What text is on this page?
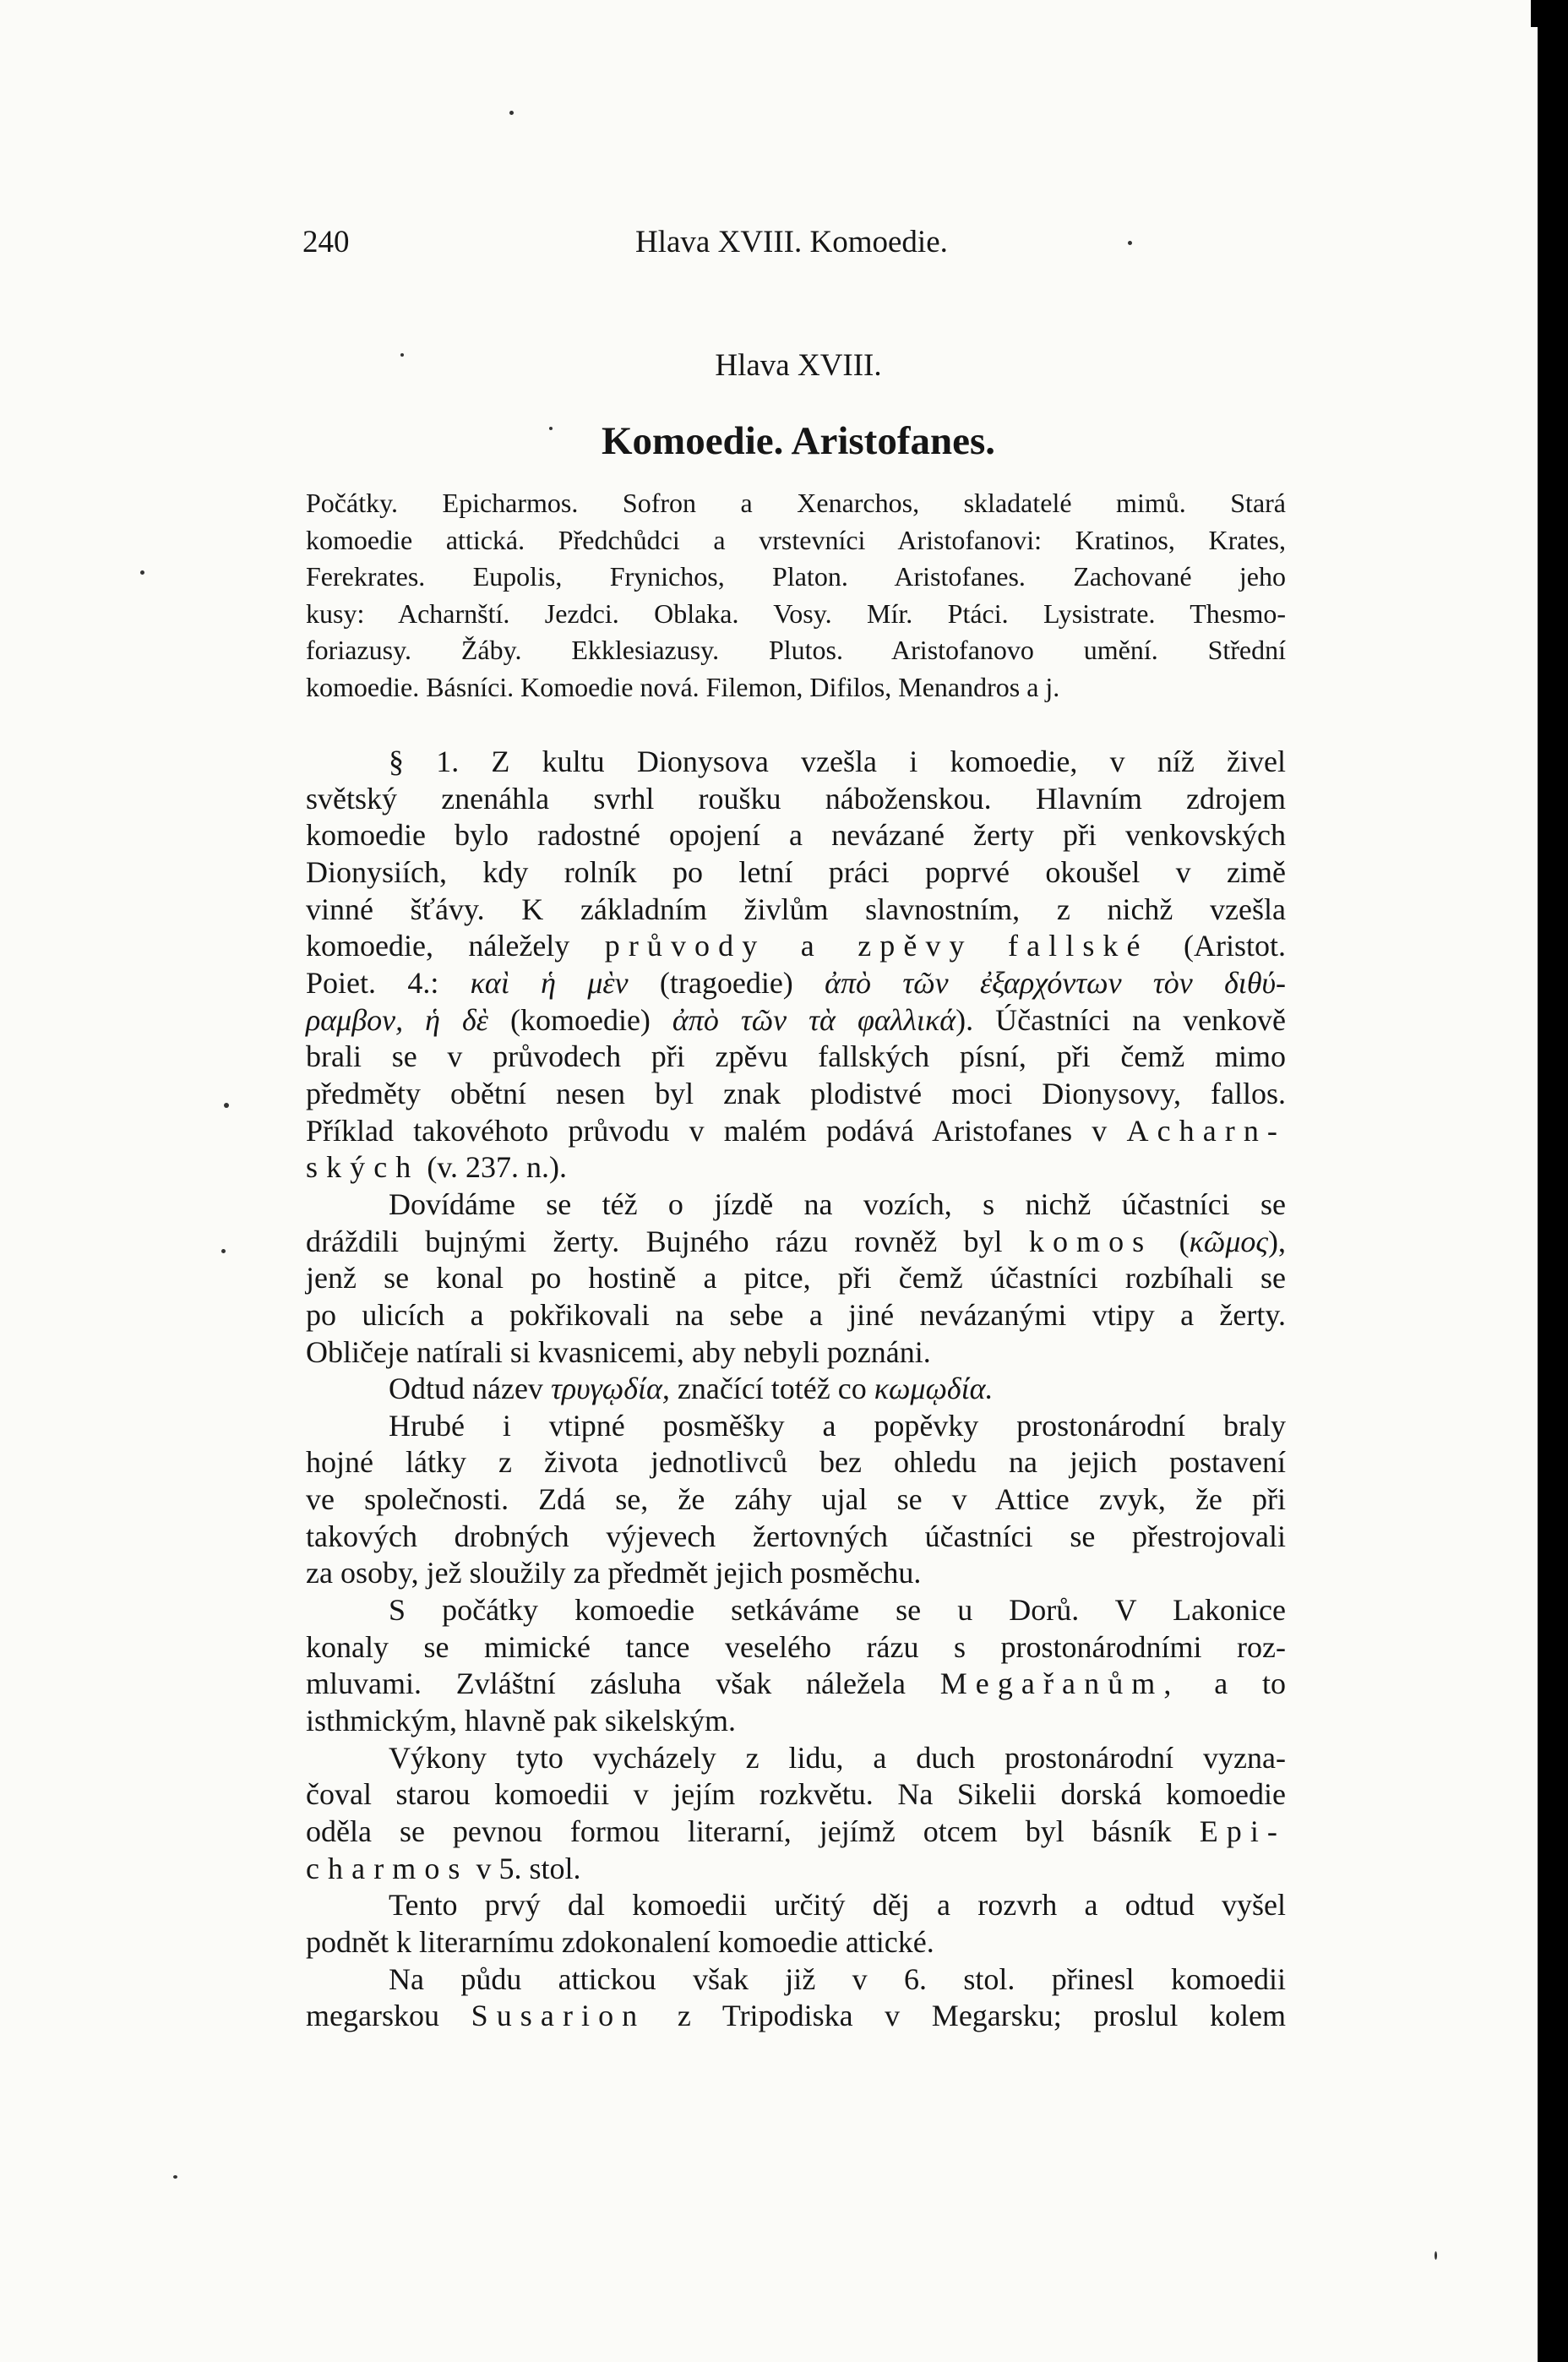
240	Hlava XVIII. Komoedie.
Hlava XVIII.
Komoedie. Aristofanes.
Počátky. Epicharmos. Sofron a Xenarchos, skladatelé mimů. Stará
komoedie attická. Předchůdci a vrstevníci Aristofanovi: Kratinos, Krates,
Ferekrates. Eupolis, Frynichos, Platon. Aristofanes. Zachované jeho
kusy: Acharnští. Jezdci. Oblaka. Vosy. Mír. Ptáci. Lysistrate. Thesmo-
foriazusy. Žáby. Ekklesiazusy. Plutos. Aristofanovo umění. Střední
komoedie. Básníci. Komoedie nová. Filemon, Difilos, Menandros a j.
§ 1. Z kultu Dionysova vzešla i komoedie, v níž živel
světský znenáhla svrhl roušku náboženskou. Hlavním zdrojem
komoedie bylo radostné opojení a nevázané žerty při venkovských
Dionysiích, kdy rolník po letní práci poprvé okoušel v zimě
vinné šťávy. K základním živlům slavnostním, z nichž vzešla
komoedie, náležely průvody a zpěvy fallské (Aristot.
Poiet. 4.: καὶ ἡ μὲν (tragoedie) ἀπὸ τῶν ἐξαρχόντων τὸν διθύ-
ραμβον, ἡ δὲ (komoedie) ἀπὸ τῶν τὰ φαλλικά). Účastníci na venkově
brali se v průvodech při zpěvu fallských písní, při čemž mimo
předměty obětní nesen byl znak plodistvé moci Dionysovy, fallos.
Příklad takovéhoto průvodu v malém podává Aristofanes v Acharn-
ských (v. 237. n.).
Dovídáme se též o jízdě na vozích, s nichž účastníci se
dráždili bujnými žerty. Bujného rázu rovněž byl komos (κῶμος),
jenž se konal po hostině a pitce, při čemž účastníci rozbíhali se
po ulicích a pokřikovali na sebe a jiné nevázanými vtipy a žerty.
Obličeje natírali si kvasnicemi, aby nebyli poznáni.
Odtud název τρυγῳδία, značící totéž co κωμῳδία.
Hrubé i vtipné posměšky a popěvky prostonárodní braly
hojné látky z života jednotlivců bez ohledu na jejich postavení
ve společnosti. Zdá se, že záhy ujal se v Attice zvyk, že při
takových drobných výjevech žertovných účastníci se přestrojovali
za osoby, jež sloužily za předmět jejich posměchu.
S počátky komoedie setkáváme se u Dorů. V Lakonice
konaly se mimické tance veselého rázu s prostonárodními roz-
mluvami. Zvláštní zásluha však náležela Megařanům, a to
isthmickým, hlavně pak sikelským.
Výkony tyto vycházely z lidu, a duch prostonárodní vyzna-
čoval starou komoedii v jejím rozkvětu. Na Sikelii dorská komoedie
oděla se pevnou formou literarní, jejímž otcem byl básník Epi-
charmos v 5. stol.
Tento prvý dal komoedii určitý děj a rozvrh a odtud vyšel
podnět k literarnímu zdokonalení komoedie attické.
Na půdu attickou však již v 6. stol. přinesl komoedii
megarskou Susarion z Tripodiska v Megarsku; proslul kolem
